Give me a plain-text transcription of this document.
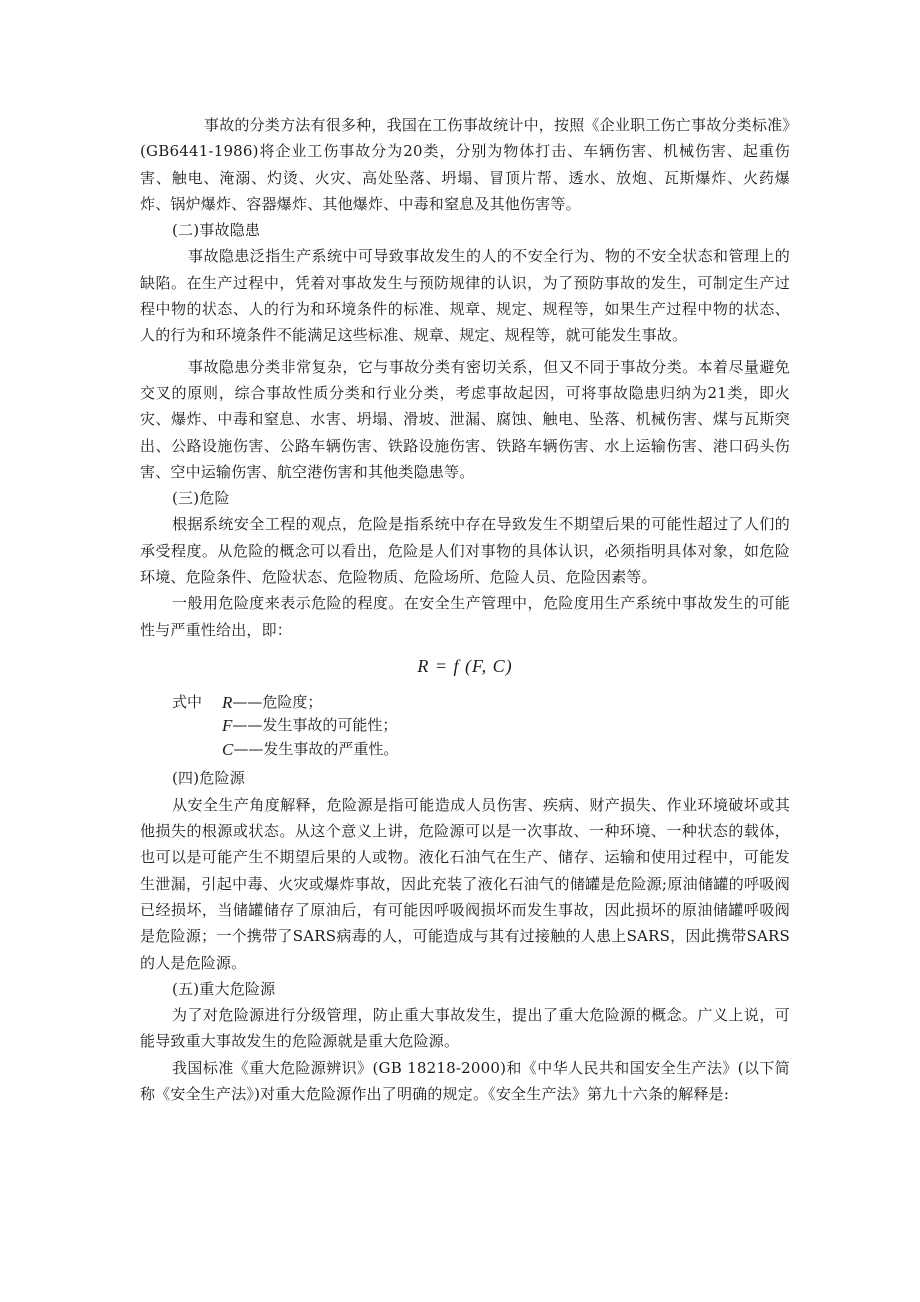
事故的分类方法有很多种，我国在工伤事故统计中，按照《企业职工伤亡事故分类标准》(GB6441-1986)将企业工伤事故分为20类，分别为物体打击、车辆伤害、机械伤害、起重伤害、触电、淹溺、灼烫、火灾、高处坠落、坍塌、冒顶片帮、透水、放炮、瓦斯爆炸、火药爆炸、锅炉爆炸、容器爆炸、其他爆炸、中毒和窒息及其他伤害等。

(二)事故隐患

事故隐患泛指生产系统中可导致事故发生的人的不安全行为、物的不安全状态和管理上的缺陷。在生产过程中，凭着对事故发生与预防规律的认识，为了预防事故的发生，可制定生产过程中物的状态、人的行为和环境条件的标准、规章、规定、规程等，如果生产过程中物的状态、人的行为和环境条件不能满足这些标准、规章、规定、规程等，就可能发生事故。

事故隐患分类非常复杂，它与事故分类有密切关系，但又不同于事故分类。本着尽量避免交叉的原则，综合事故性质分类和行业分类，考虑事故起因，可将事故隐患归纳为21类，即火灾、爆炸、中毒和窒息、水害、坍塌、滑坡、泄漏、腐蚀、触电、坠落、机械伤害、煤与瓦斯突出、公路设施伤害、公路车辆伤害、铁路设施伤害、铁路车辆伤害、水上运输伤害、港口码头伤害、空中运输伤害、航空港伤害和其他类隐患等。

(三)危险

根据系统安全工程的观点，危险是指系统中存在导致发生不期望后果的可能性超过了人们的承受程度。从危险的概念可以看出，危险是人们对事物的具体认识，必须指明具体对象，如危险环境、危险条件、危险状态、危险物质、危险场所、危险人员、危险因素等。

一般用危险度来表示危险的程度。在安全生产管理中，危险度用生产系统中事故发生的可能性与严重性给出，即：

R = f (F, C)
式中	R ——危险度；
F ——发生事故的可能性；
C ——发生事故的严重性。

(四)危险源

从安全生产角度解释，危险源是指可能造成人员伤害、疾病、财产损失、作业环境破坏或其他损失的根源或状态。从这个意义上讲，危险源可以是一次事故、一种环境、一种状态的载体，也可以是可能产生不期望后果的人或物。液化石油气在生产、储存、运输和使用过程中，可能发生泄漏，引起中毒、火灾或爆炸事故，因此充装了液化石油气的储罐是危险源;原油储罐的呼吸阀已经损坏，当储罐储存了原油后，有可能因呼吸阀损坏而发生事故，因此损坏的原油储罐呼吸阀是危险源；一个携带了SARS病毒的人，可能造成与其有过接触的人患上SARS，因此携带SARS的人是危险源。

(五)重大危险源

为了对危险源进行分级管理，防止重大事故发生，提出了重大危险源的概念。广义上说，可能导致重大事故发生的危险源就是重大危险源。

我国标准《重大危险源辨识》(GB 18218-2000)和《中华人民共和国安全生产法》(以下简称《安全生产法》)对重大危险源作出了明确的规定。《安全生产法》第九十六条的解释是:
